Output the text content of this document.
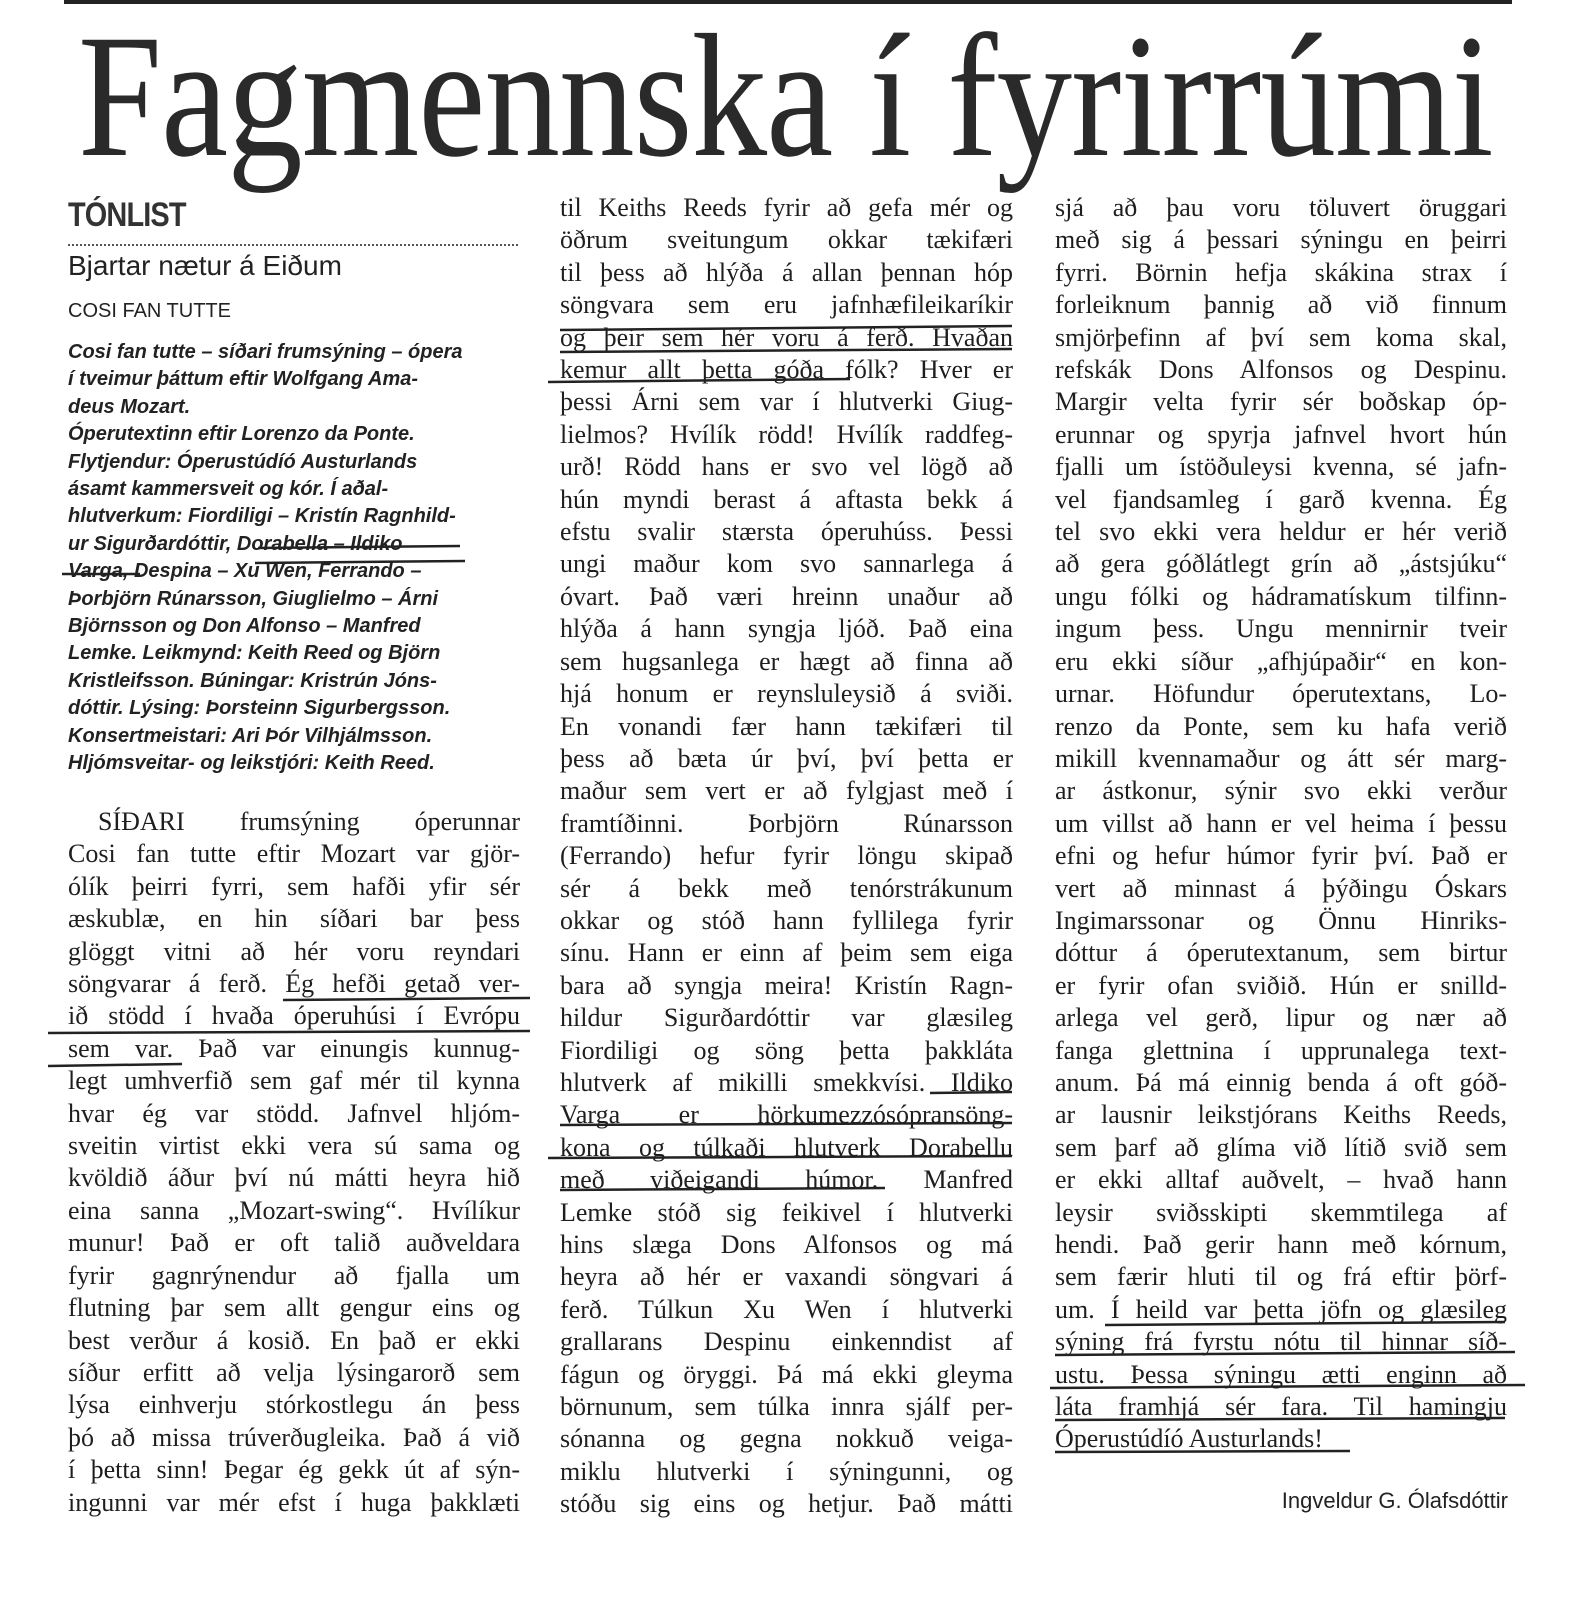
Fagmennska í fyrirrúmi
TÓNLIST
Bjartar nætur á Eiðum
COSI FAN TUTTE
Cosi fan tutte – síðari frumsýning – ópera
í tveimur þáttum eftir Wolfgang Ama-
deus Mozart.
Óperutextinn eftir Lorenzo da Ponte.
Flytjendur: Óperustúdíó Austurlands
ásamt kammersveit og kór. Í aðal-
hlutverkum: Fiordiligi – Kristín Ragnhild-
ur Sigurðardóttir, Dorabella – Ildiko
Varga, Despina – Xu Wen, Ferrando –
Þorbjörn Rúnarsson, Giuglielmo – Árni
Björnsson og Don Alfonso – Manfred
Lemke. Leikmynd: Keith Reed og Björn
Kristleifsson. Búningar: Kristrún Jóns-
dóttir. Lýsing: Þorsteinn Sigurbergsson.
Konsertmeistari: Ari Þór Vilhjálmsson.
Hljómsveitar- og leikstjóri: Keith Reed.
SÍÐARI frumsýning óperunnar
Cosi fan tutte eftir Mozart var gjör-
ólík þeirri fyrri, sem hafði yfir sér
æskublæ, en hin síðari bar þess
glöggt vitni að hér voru reyndari
söngvarar á ferð. Ég hefði getað ver-
ið stödd í hvaða óperuhúsi í Evrópu
sem var. Það var einungis kunnug-
legt umhverfið sem gaf mér til kynna
hvar ég var stödd. Jafnvel hljóm-
sveitin virtist ekki vera sú sama og
kvöldið áður því nú mátti heyra hið
eina sanna „Mozart-swing“. Hvílíkur
munur! Það er oft talið auðveldara
fyrir gagnrýnendur að fjalla um
flutning þar sem allt gengur eins og
best verður á kosið. En það er ekki
síður erfitt að velja lýsingarorð sem
lýsa einhverju stórkostlegu án þess
þó að missa trúverðugleika. Það á við
í þetta sinn! Þegar ég gekk út af sýn-
ingunni var mér efst í huga þakklæti
til Keiths Reeds fyrir að gefa mér og
öðrum sveitungum okkar tækifæri
til þess að hlýða á allan þennan hóp
söngvara sem eru jafnhæfileikaríkir
og þeir sem hér voru á ferð. Hvaðan
kemur allt þetta góða fólk? Hver er
þessi Árni sem var í hlutverki Giug-
lielmos? Hvílík rödd! Hvílík raddfeg-
urð! Rödd hans er svo vel lögð að
hún myndi berast á aftasta bekk á
efstu svalir stærsta óperuhúss. Þessi
ungi maður kom svo sannarlega á
óvart. Það væri hreinn unaður að
hlýða á hann syngja ljóð. Það eina
sem hugsanlega er hægt að finna að
hjá honum er reynsluleysið á sviði.
En vonandi fær hann tækifæri til
þess að bæta úr því, því þetta er
maður sem vert er að fylgjast með í
framtíðinni. Þorbjörn Rúnarsson
(Ferrando) hefur fyrir löngu skipað
sér á bekk með tenórstrákunum
okkar og stóð hann fyllilega fyrir
sínu. Hann er einn af þeim sem eiga
bara að syngja meira! Kristín Ragn-
hildur Sigurðardóttir var glæsileg
Fiordiligi og söng þetta þakkláta
hlutverk af mikilli smekkvísi. Ildiko
Varga er hörkumezzósópransöng-
kona og túlkaði hlutverk Dorabellu
með viðeigandi húmor. Manfred
Lemke stóð sig feikivel í hlutverki
hins slæga Dons Alfonsos og má
heyra að hér er vaxandi söngvari á
ferð. Túlkun Xu Wen í hlutverki
grallarans Despinu einkenndist af
fágun og öryggi. Þá má ekki gleyma
börnunum, sem túlka innra sjálf per-
sónanna og gegna nokkuð veiga-
miklu hlutverki í sýningunni, og
stóðu sig eins og hetjur. Það mátti
sjá að þau voru töluvert öruggari
með sig á þessari sýningu en þeirri
fyrri. Börnin hefja skákina strax í
forleiknum þannig að við finnum
smjörþefinn af því sem koma skal,
refskák Dons Alfonsos og Despinu.
Margir velta fyrir sér boðskap óp-
erunnar og spyrja jafnvel hvort hún
fjalli um ístöðuleysi kvenna, sé jafn-
vel fjandsamleg í garð kvenna. Ég
tel svo ekki vera heldur er hér verið
að gera góðlátlegt grín að „ástsjúku“
ungu fólki og hádramatískum tilfinn-
ingum þess. Ungu mennirnir tveir
eru ekki síður „afhjúpaðir“ en kon-
urnar. Höfundur óperutextans, Lo-
renzo da Ponte, sem ku hafa verið
mikill kvennamaður og átt sér marg-
ar ástkonur, sýnir svo ekki verður
um villst að hann er vel heima í þessu
efni og hefur húmor fyrir því. Það er
vert að minnast á þýðingu Óskars
Ingimarssonar og Önnu Hinriks-
dóttur á óperutextanum, sem birtur
er fyrir ofan sviðið. Hún er snilld-
arlega vel gerð, lipur og nær að
fanga glettnina í upprunalega text-
anum. Þá má einnig benda á oft góð-
ar lausnir leikstjórans Keiths Reeds,
sem þarf að glíma við lítið svið sem
er ekki alltaf auðvelt, – hvað hann
leysir sviðsskipti skemmtilega af
hendi. Það gerir hann með kórnum,
sem færir hluti til og frá eftir þörf-
um. Í heild var þetta jöfn og glæsileg
sýning frá fyrstu nótu til hinnar síð-
ustu. Þessa sýningu ætti enginn að
láta framhjá sér fara. Til hamingju
Óperustúdíó Austurlands!
Ingveldur G. Ólafsdóttir
